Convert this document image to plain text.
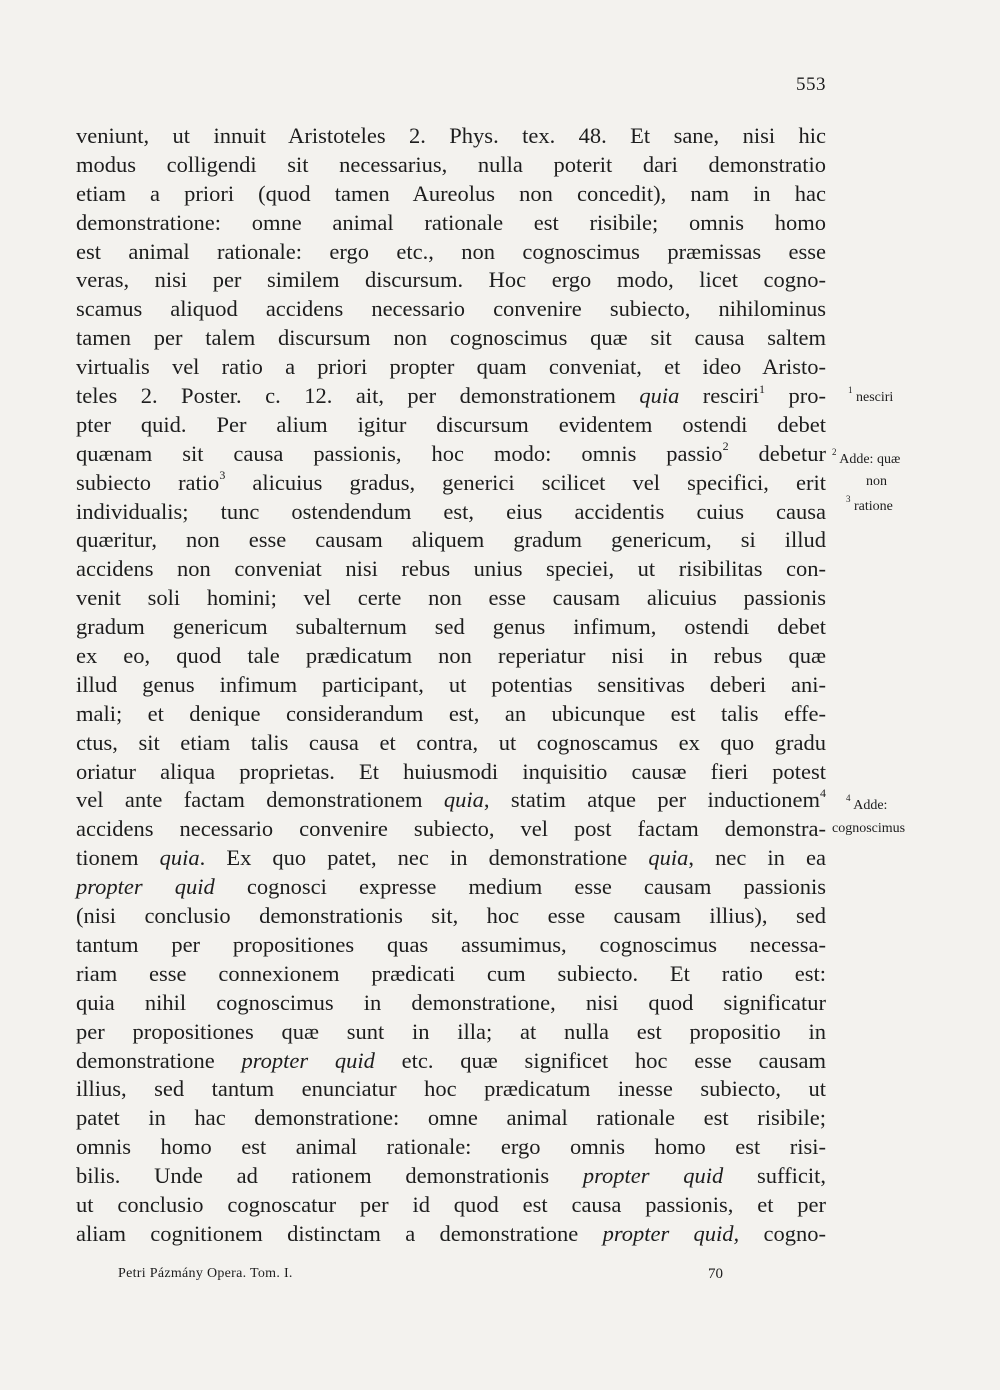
553
veniunt, ut innuit Aristoteles 2. Phys. tex. 48. Et sane, nisi hic
modus colligendi sit necessarius, nulla poterit dari demonstratio
etiam a priori (quod tamen Aureolus non concedit), nam in hac
demonstratione: omne animal rationale est risibile; omnis homo
est animal rationale: ergo etc., non cognoscimus præmissas esse
veras, nisi per similem discursum. Hoc ergo modo, licet cogno-
scamus aliquod accidens necessario convenire subiecto, nihilominus
tamen per talem discursum non cognoscimus quæ sit causa saltem
virtualis vel ratio a priori propter quam conveniat, et ideo Aristo-
teles 2. Poster. c. 12. ait, per demonstrationem quia resciri$^1$ pro-
pter quid. Per alium igitur discursum evidentem ostendi debet
quænam sit causa passionis, hoc modo: omnis passio$^2$ debetur
subiecto ratio$^3$ alicuius gradus, generici scilicet vel specifici, erit
individualis; tunc ostendendum est, eius accidentis cuius causa
quæritur, non esse causam aliquem gradum genericum, si illud
accidens non conveniat nisi rebus unius speciei, ut risibilitas con-
venit soli homini; vel certe non esse causam alicuius passionis
gradum genericum subalternum sed genus infimum, ostendi debet
ex eo, quod tale prædicatum non reperiatur nisi in rebus quæ
illud genus infimum participant, ut potentias sensitivas deberi ani-
mali; et denique considerandum est, an ubicunque est talis effe-
ctus, sit etiam talis causa et contra, ut cognoscamus ex quo gradu
oriatur aliqua proprietas. Et huiusmodi inquisitio causæ fieri potest
vel ante factam demonstrationem quia, statim atque per inductionem$^4$
accidens necessario convenire subiecto, vel post factam demonstra-
tionem quia. Ex quo patet, nec in demonstratione quia, nec in ea
propter quid cognosci expresse medium esse causam passionis
(nisi conclusio demonstrationis sit, hoc esse causam illius), sed
tantum per propositiones quas assumimus, cognoscimus necessa-
riam esse connexionem prædicati cum subiecto. Et ratio est:
quia nihil cognoscimus in demonstratione, nisi quod significatur
per propositiones quæ sunt in illa; at nulla est propositio in
demonstratione propter quid etc. quæ significet hoc esse causam
illius, sed tantum enunciatur hoc prædicatum inesse subiecto, ut
patet in hac demonstratione: omne animal rationale est risibile;
omnis homo est animal rationale: ergo omnis homo est risi-
bilis. Unde ad rationem demonstrationis propter quid sufficit,
ut conclusio cognoscatur per id quod est causa passionis, et per
aliam cognitionem distinctam a demonstratione propter quid, cogno-
$^1$ nesciri
$^2$ Adde: quæ
non
$^3$ ratione
$^4$ Adde:
cognoscimus
Petri Pázmány Opera. Tom. I.	70
